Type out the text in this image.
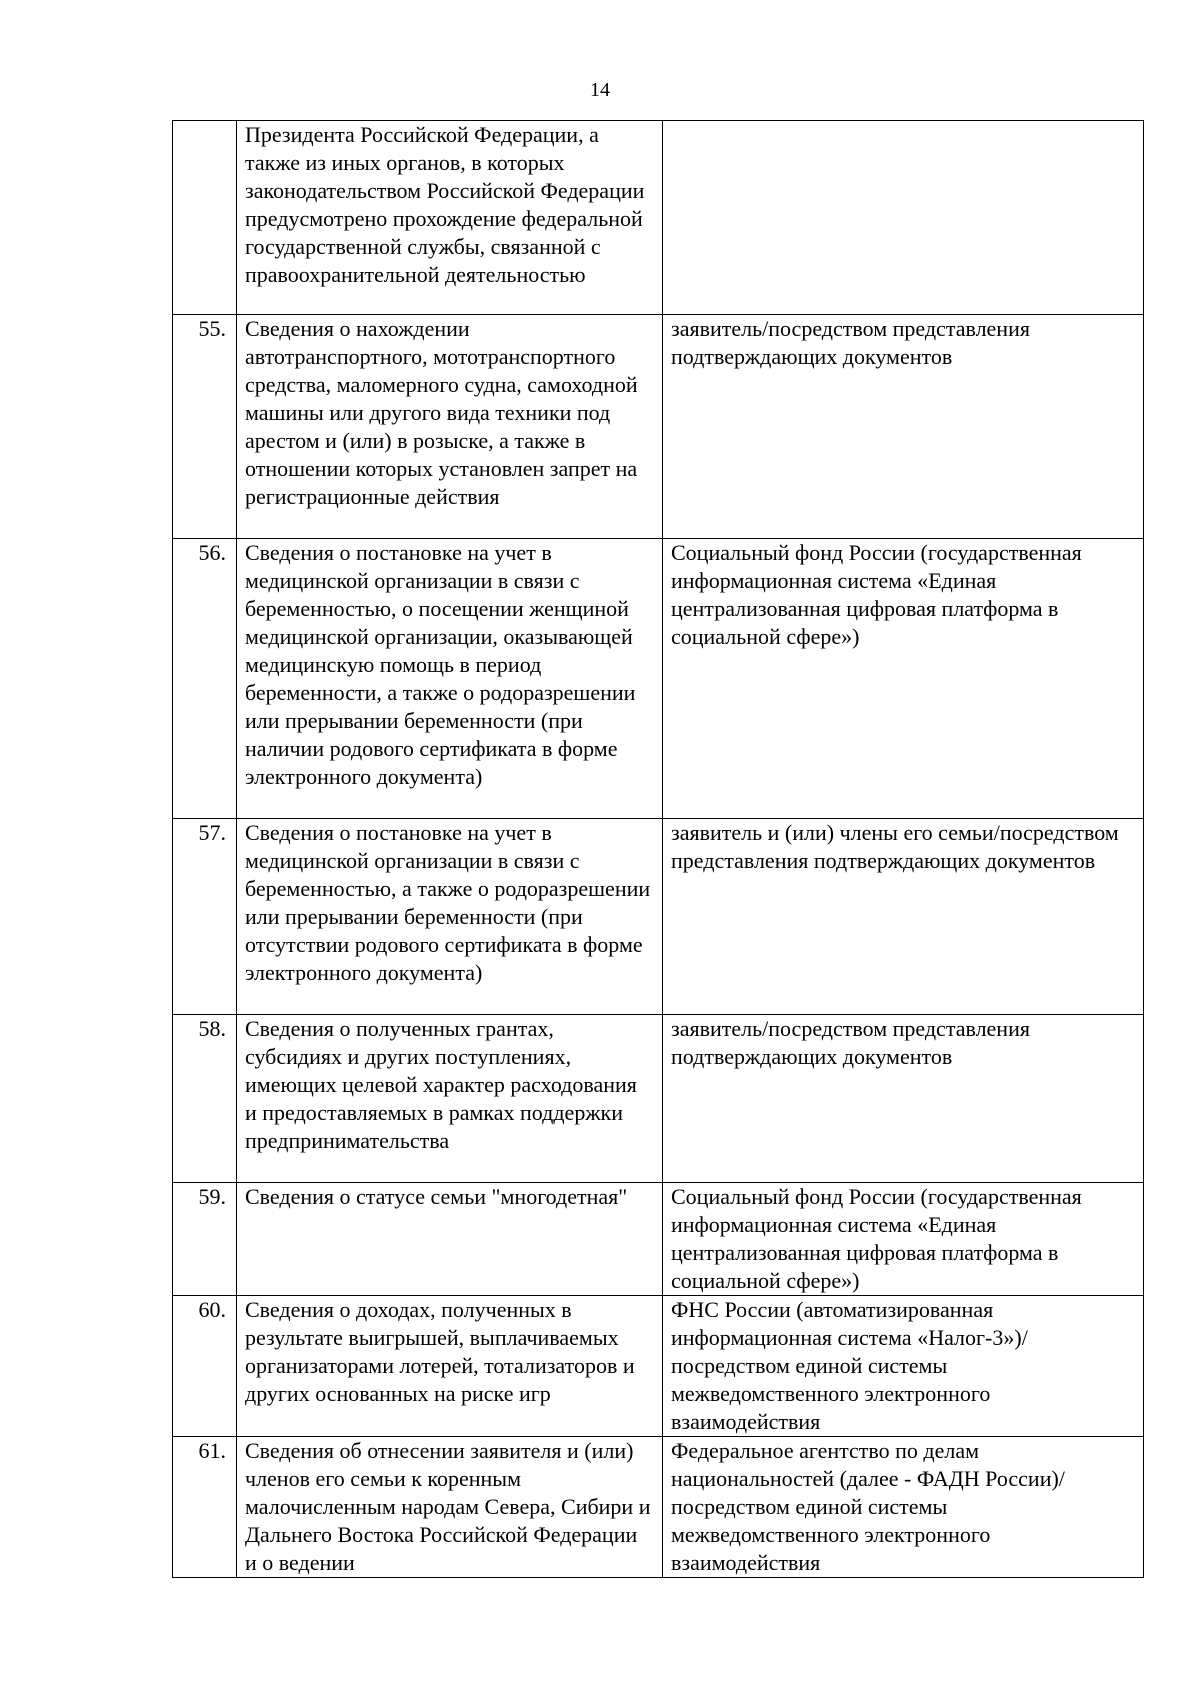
14
	Президента Российской Федерации, а также из иных органов, в которых законодательством Российской Федерации предусмотрено прохождение федеральной государственной службы, связанной с правоохранительной деятельностью	
55.	Сведения о нахождении автотранспортного, мототранспортного средства, маломерного судна, самоходной машины или другого вида техники под арестом и (или) в розыске, а также в отношении которых установлен запрет на регистрационные действия	заявитель/посредством представления подтверждающих документов
56.	Сведения о постановке на учет в медицинской организации в связи с беременностью, о посещении женщиной медицинской организации, оказывающей медицинскую помощь в период беременности, а также о родоразрешении или прерывании беременности (при наличии родового сертификата в форме электронного документа)	Социальный фонд России (государственная информационная система «Единая централизованная цифровая платформа в социальной сфере»)
57.	Сведения о постановке на учет в медицинской организации в связи с беременностью, а также о родоразрешении или прерывании беременности (при отсутствии родового сертификата в форме электронного документа)	заявитель и (или) члены его семьи/посредством представления подтверждающих документов
58.	Сведения о полученных грантах, субсидиях и других поступлениях, имеющих целевой характер расходования и предоставляемых в рамках поддержки предпринимательства	заявитель/посредством представления подтверждающих документов
59.	Сведения о статусе семьи "многодетная"	Социальный фонд России (государственная информационная система «Единая централизованная цифровая платформа в социальной сфере»)
60.	Сведения о доходах, полученных в результате выигрышей, выплачиваемых организаторами лотерей, тотализаторов и других основанных на риске игр	ФНС России (автоматизированная информационная система «Налог-3»)/посредством единой системы межведомственного электронного взаимодействия
61.	Сведения об отнесении заявителя и (или) членов его семьи к коренным малочисленным народам Севера, Сибири и Дальнего Востока Российской Федерации и о ведении	Федеральное агентство по делам национальностей (далее - ФАДН России)/посредством единой системы межведомственного электронного взаимодействия
